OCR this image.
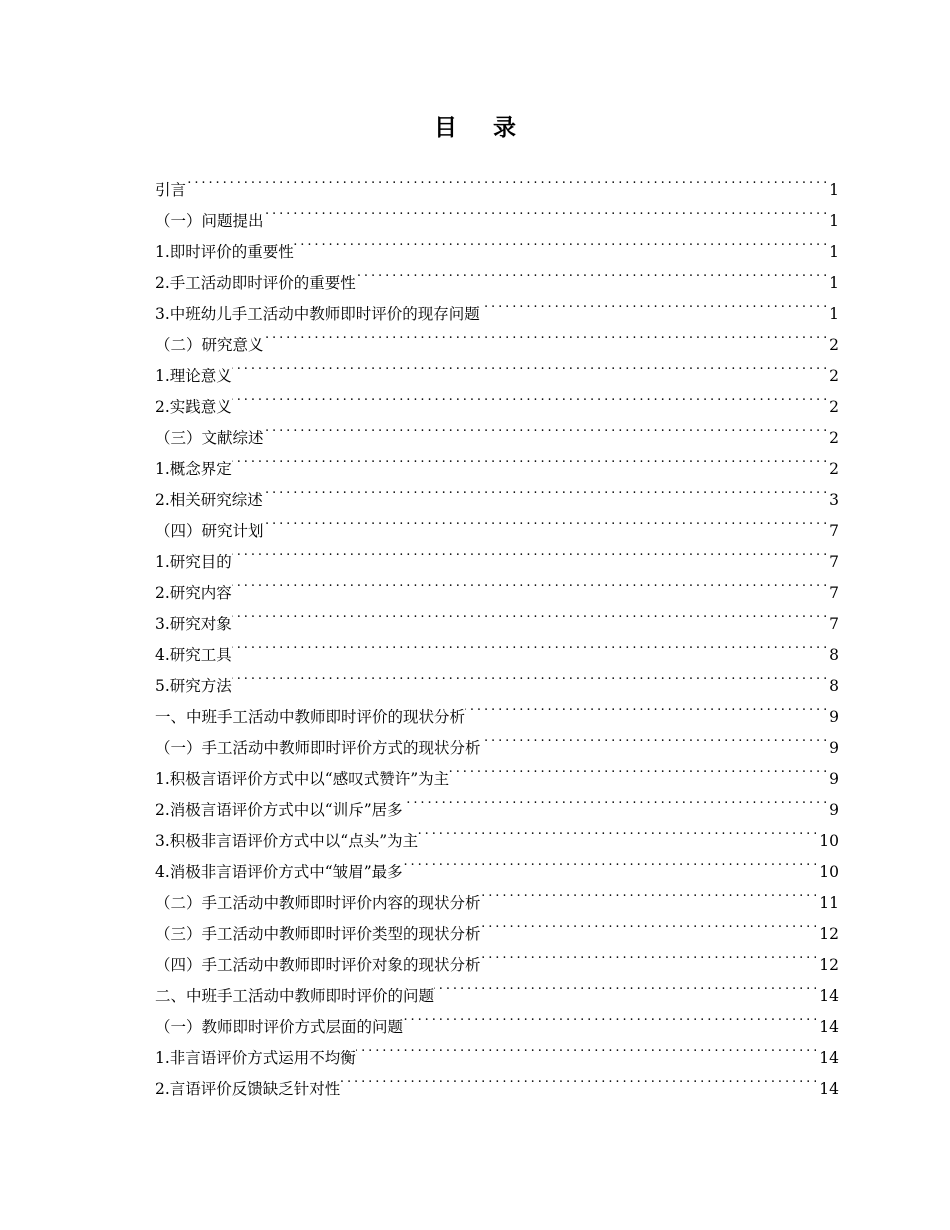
目 录
引言 . . .	1
（一）问题提出 . . .	1
1.即时评价的重要性 . . .	1
2.手工活动即时评价的重要性 . . .	1
3.中班幼儿手工活动中教师即时评价的现存问题 . . .	1
（二）研究意义 . . .	2
1.理论意义 . . .	2
2.实践意义 . . .	2
（三）文献综述 . . .	2
1.概念界定 . . .	2
2.相关研究综述 . . .	3
（四）研究计划 . . .	7
1.研究目的 . . .	7
2.研究内容 . . .	7
3.研究对象 . . .	7
4.研究工具 . . .	8
5.研究方法 . . .	8
一、中班手工活动中教师即时评价的现状分析 . . .	9
（一）手工活动中教师即时评价方式的现状分析 . . .	9
1.积极言语评价方式中以“感叹式赞许”为主 . . .	9
2.消极言语评价方式中以“训斥”居多 . . .	9
3.积极非言语评价方式中以“点头”为主 . . .	10
4.消极非言语评价方式中“皱眉”最多 . . .	10
（二）手工活动中教师即时评价内容的现状分析 . . .	11
（三）手工活动中教师即时评价类型的现状分析 . . .	12
（四）手工活动中教师即时评价对象的现状分析 . . .	12
二、中班手工活动中教师即时评价的问题 . . .	14
（一）教师即时评价方式层面的问题 . . .	14
1.非言语评价方式运用不均衡 . . .	14
2.言语评价反馈缺乏针对性 . . .	14
